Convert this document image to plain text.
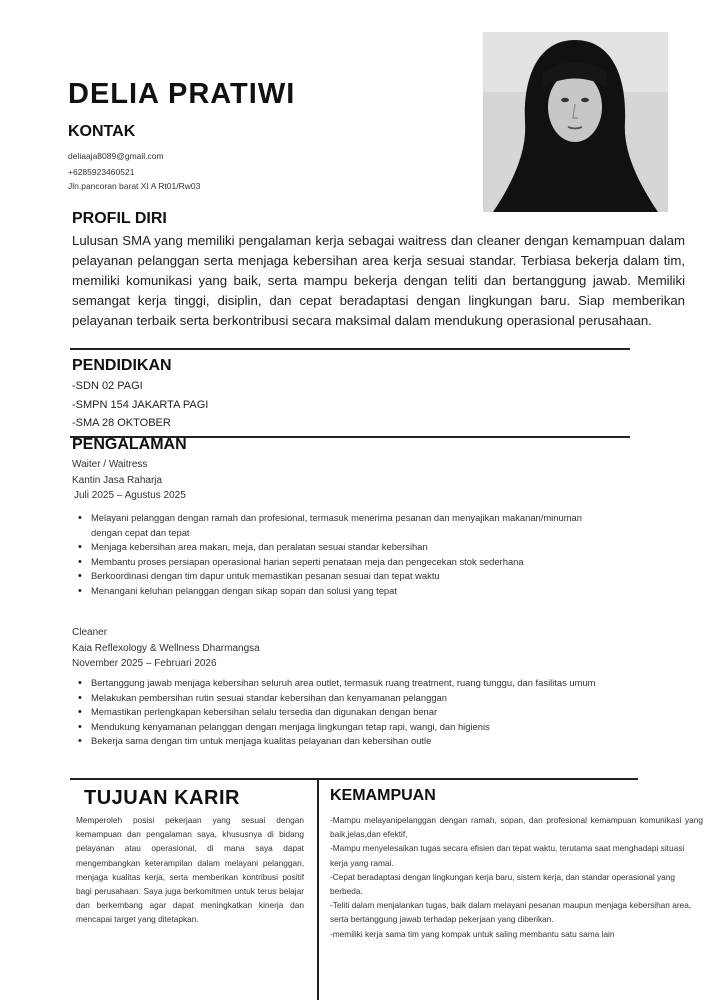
DELIA PRATIWI
KONTAK
deliaaja8089@gmail.com
+6285923460521
Jln.pancoran barat XI A Rt01/Rw03
PROFIL DIRI

Lulusan SMA yang memiliki pengalaman kerja sebagai waitress dan cleaner dengan kemampuan dalam pelayanan pelanggan serta menjaga kebersihan area kerja sesuai standar. Terbiasa bekerja dalam tim, memiliki komunikasi yang baik, serta mampu bekerja dengan teliti dan bertanggung jawab. Memiliki semangat kerja tinggi, disiplin, dan cepat beradaptasi dengan lingkungan baru. Siap memberikan pelayanan terbaik serta berkontribusi secara maksimal dalam mendukung operasional perusahaan.

PENDIDIKAN
-SDN 02 PAGI
-SMPN 154 JAKARTA PAGI
-SMA 28 OKTOBER
PENGALAMAN
Waiter / Waitress
Kantin Jasa Raharja
Juli 2025 – Agustus 2025
• Melayani pelanggan dengan ramah dan profesional, termasuk menerima pesanan dan menyajikan makanan/minuman dengan cepat dan tepat
• Menjaga kebersihan area makan, meja, dan peralatan sesuai standar kebersihan
• Membantu proses persiapan operasional harian seperti penataan meja dan pengecekan stok sederhana
• Berkoordinasi dengan tim dapur untuk memastikan pesanan sesuai dan tepat waktu
• Menangani keluhan pelanggan dengan sikap sopan dan solusi yang tepat
Cleaner
Kaia Reflexology & Wellness Dharmangsa
November 2025 – Februari 2026
• Bertanggung jawab menjaga kebersihan seluruh area outlet, termasuk ruang treatment, ruang tunggu, dan fasilitas umum
• Melakukan pembersihan rutin sesuai standar kebersihan dan kenyamanan pelanggan
• Memastikan perlengkapan kebersihan selalu tersedia dan digunakan dengan benar
• Mendukung kenyamanan pelanggan dengan menjaga lingkungan tetap rapi, wangi, dan higienis
• Bekerja sama dengan tim untuk menjaga kualitas pelayanan dan kebersihan outle
TUJUAN KARIR

Memperoleh posisi pekerjaan yang sesuai dengan kemampuan dan pengalaman saya, khususnya di bidang pelayanan atau operasional, di mana saya dapat mengembangkan keterampilan dalam melayani pelanggan, menjaga kualitas kerja, serta memberikan kontribusi positif bagi perusahaan. Saya juga berkomitmen untuk terus belajar dan berkembang agar dapat meningkatkan kinerja dan mencapai target yang ditetapkan.

KEMAMPUAN

-Mampu melayanipelanggan dengan ramah, sopan, dan profesional kemampuan komunikasi yang baik,jelas,dan efektif,

-Mampu menyelesaikan tugas secara efisien dan tepat waktu, terutama saat menghadapi situasi kerja yang ramai.

-Cepat beradaptasi dengan lingkungan kerja baru, sistem kerja, dan standar operasional yang berbeda.

-Teliti dalam menjalankan tugas, baik dalam melayani pesanan maupun menjaga kebersihan area, serta bertanggung jawab terhadap pekerjaan yang diberikan.

-memiliki kerja sama tim yang kompak untuk saling membantu satu sama lain
